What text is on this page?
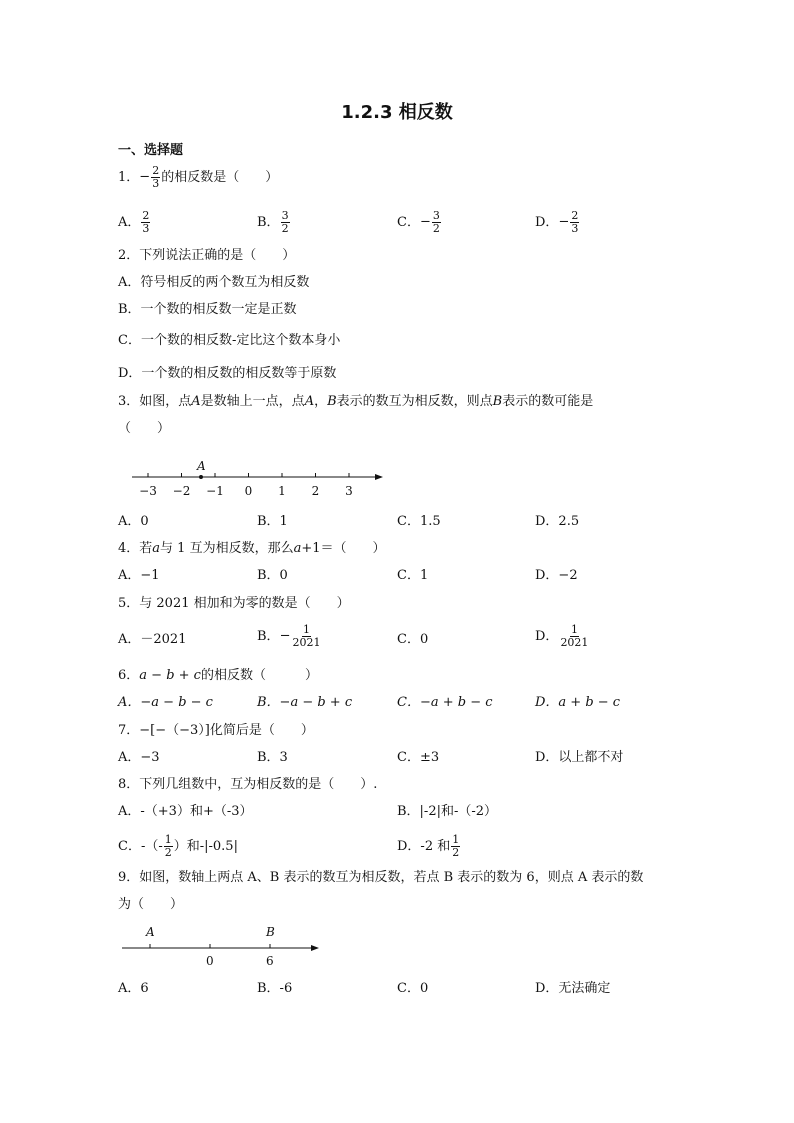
1.2.3 相反数
一、选择题
1．− $\frac{2}{3}$ 的相反数是（　　）
A． $\frac{2}{3}$	B． $\frac{3}{2}$	C．− $\frac{3}{2}$	D．− $\frac{2}{3}$
2．下列说法正确的是（　　）
A．符号相反的两个数互为相反数
B．一个数的相反数一定是正数
C．一个数的相反数-定比这个数本身小
D．一个数的相反数的相反数等于原数
3．如图，点A是数轴上一点，点A，B表示的数互为相反数，则点B表示的数可能是
（　　）
−3 −2 −1 0 1 2 3
A
A．0	B．1	C．1.5	D．2.5
4．若a与 1 互为相反数，那么a+1＝（　　）
A．−1	B．0	C．1	D．−2
5．与 2021 相加和为零的数是（　　）
A．－2021	B．− $\frac{1}{2021}$	C．0	D． $\frac{1}{2021}$
6．a − b + c的相反数（　　　）
A．−a − b − c	B．−a − b + c	C．−a + b − c	D．a + b − c
7．−[−（−3）]化简后是（　　）
A．−3	B．3	C．±3	D．以上都不对
8．下列几组数中，互为相反数的是（　　）.
A．-（+3）和+（-3）	B．|-2|和-（-2）
C．-（- $\frac{1}{2}$ ）和-|-0.5|	D．-2 和 $\frac{1}{2}$
9．如图，数轴上两点 A、B 表示的数互为相反数，若点 B 表示的数为 6，则点 A 表示的数
为（　　）
A	B
0	6
A．6	B．-6	C．0	D．无法确定
